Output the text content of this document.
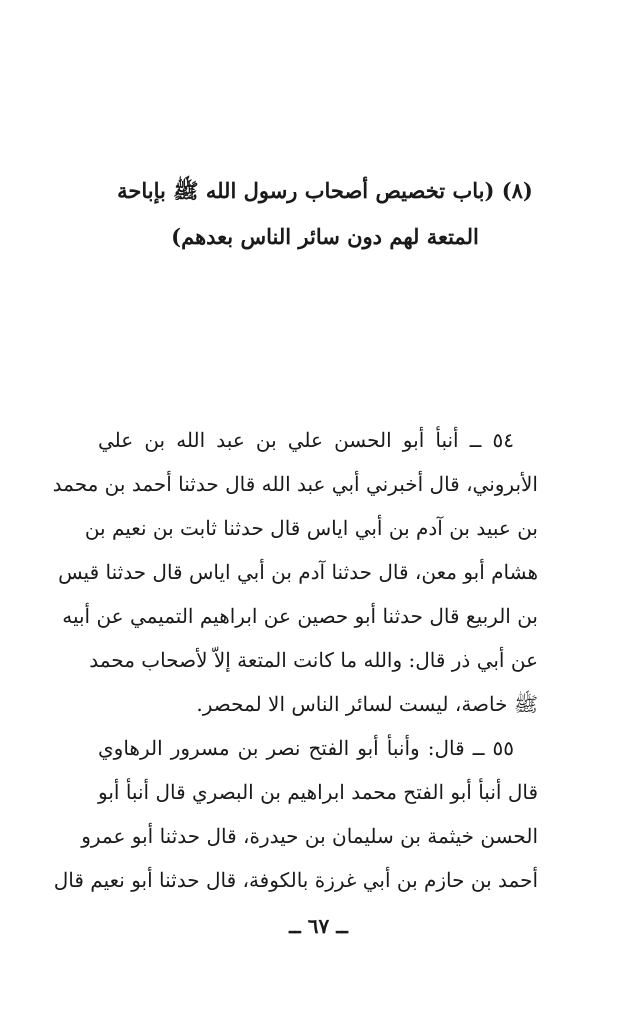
(٨) (باب تخصيص أصحاب رسول الله ﷺ بإباحة
المتعة لهم دون سائر الناس بعدهم)

٥٤ ــ أنبأ أبو الحسن علي بن عبد الله بن علي
الأبروني، قال أخبرني أبي عبد الله قال حدثنا أحمد بن محمد
بن عبيد بن آدم بن أبي اياس قال حدثنا ثابت بن نعيم بن
هشام أبو معن، قال حدثنا آدم بن أبي اياس قال حدثنا قيس
بن الربيع قال حدثنا أبو حصين عن ابراهيم التميمي عن أبيه
عن أبي ذر قال: والله ما كانت المتعة إلاّ لأصحاب محمد
ﷺ خاصة، ليست لسائر الناس الا لمحصر.

٥٥ ــ قال: وأنبأ أبو الفتح نصر بن مسرور الرهاوي
قال أنبأ أبو الفتح محمد ابراهيم بن البصري قال أنبأ أبو
الحسن خيثمة بن سليمان بن حيدرة، قال حدثنا أبو عمرو
أحمد بن حازم بن أبي غرزة بالكوفة، قال حدثنا أبو نعيم قال

ــ ٦٧ ــ
